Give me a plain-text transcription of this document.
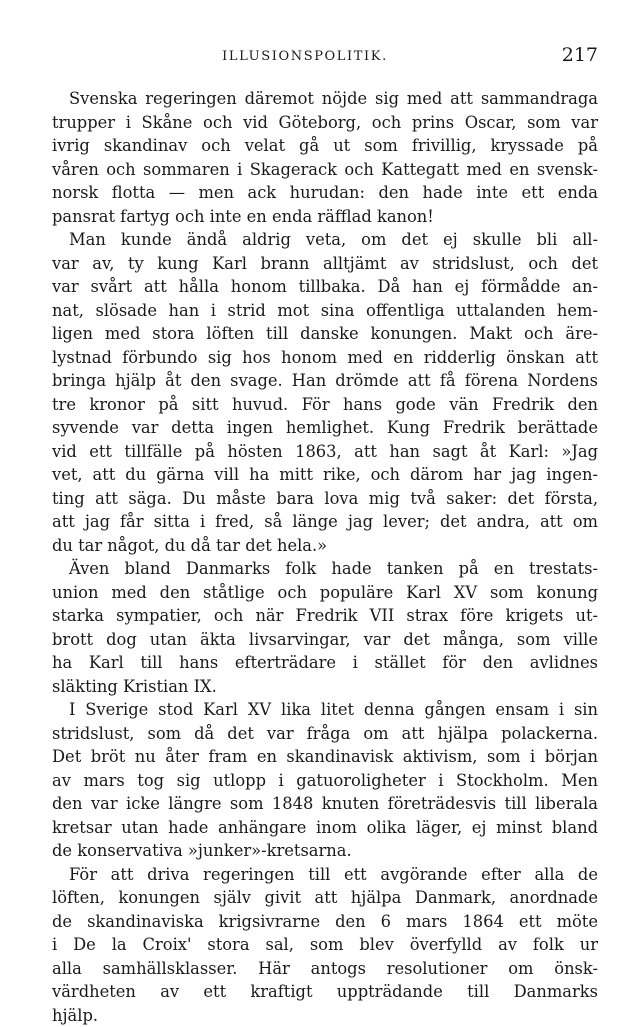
ILLUSIONSPOLITIK.	217
Svenska regeringen däremot nöjde sig med att sammandraga
trupper i Skåne och vid Göteborg, och prins Oscar, som var
ivrig skandinav och velat gå ut som frivillig, kryssade på
våren och sommaren i Skagerack och Kattegatt med en svensk-
norsk flotta — men ack hurudan: den hade inte ett enda
pansrat fartyg och inte en enda räfflad kanon!
Man kunde ändå aldrig veta, om det ej skulle bli all-
var av, ty kung Karl brann alltjämt av stridslust, och det
var svårt att hålla honom tillbaka. Då han ej förmådde an-
nat, slösade han i strid mot sina offentliga uttalanden hem-
ligen med stora löften till danske konungen. Makt och äre-
lystnad förbundo sig hos honom med en ridderlig önskan att
bringa hjälp åt den svage. Han drömde att få förena Nordens
tre kronor på sitt huvud. För hans gode vän Fredrik den
syvende var detta ingen hemlighet. Kung Fredrik berättade
vid ett tillfälle på hösten 1863, att han sagt åt Karl: »Jag
vet, att du gärna vill ha mitt rike, och därom har jag ingen-
ting att säga. Du måste bara lova mig två saker: det första,
att jag får sitta i fred, så länge jag lever; det andra, att om
du tar något, du då tar det hela.»
Även bland Danmarks folk hade tanken på en trestats-
union med den ståtlige och populäre Karl XV som konung
starka sympatier, och när Fredrik VII strax före krigets ut-
brott dog utan äkta livsarvingar, var det många, som ville
ha Karl till hans efterträdare i stället för den avlidnes
släkting Kristian IX.
I Sverige stod Karl XV lika litet denna gången ensam i sin
stridslust, som då det var fråga om att hjälpa polackerna.
Det bröt nu åter fram en skandinavisk aktivism, som i början
av mars tog sig utlopp i gatuoroligheter i Stockholm. Men
den var icke längre som 1848 knuten företrädesvis till liberala
kretsar utan hade anhängare inom olika läger, ej minst bland
de konservativa »junker»-kretsarna.
För att driva regeringen till ett avgörande efter alla de
löften, konungen själv givit att hjälpa Danmark, anordnade
de skandinaviska krigsivrarne den 6 mars 1864 ett möte
i De la Croix' stora sal, som blev överfylld av folk ur
alla samhällsklasser. Här antogs resolutioner om önsk-
värdheten av ett kraftigt uppträdande till Danmarks
hjälp.
